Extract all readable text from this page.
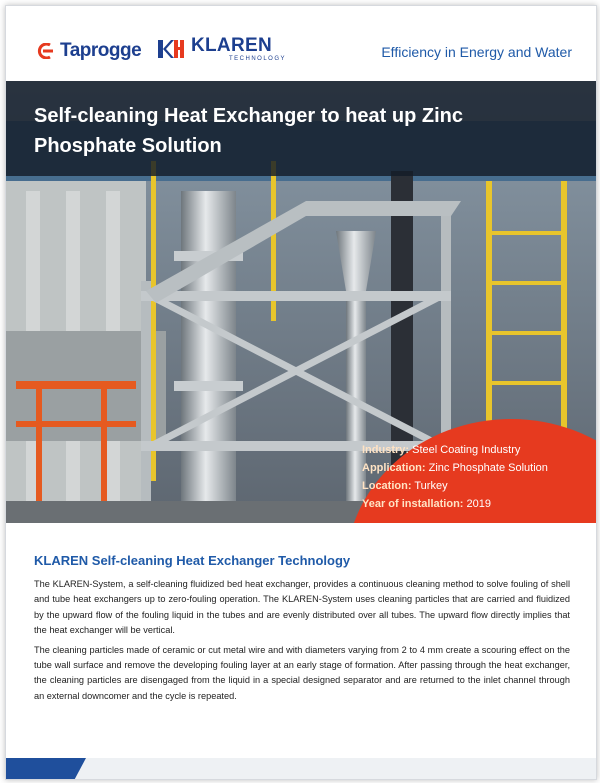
Taprogge	KLAREN
TECHNOLOGY	Efficiency in Energy and Water
Self-cleaning Heat Exchanger to heat up Zinc Phosphate Solution
Industry: Steel Coating Industry
Application: Zinc Phosphate Solution
Location: Turkey
Year of installation: 2019
KLAREN Self-cleaning Heat Exchanger Technology

The KLAREN-System, a self-cleaning fluidized bed heat exchanger, provides a continuous cleaning method to solve fouling of shell and tube heat exchangers up to zero-fouling operation. The KLAREN-System uses cleaning particles that are carried and fluidized by the upward flow of the fouling liquid in the tubes and are evenly distributed over all tubes. The upward flow directly implies that the heat exchanger will be vertical.

The cleaning particles made of ceramic or cut metal wire and with diameters varying from 2 to 4 mm create a scouring effect on the tube wall surface and remove the developing fouling layer at an early stage of formation. After passing through the heat exchanger, the cleaning particles are disengaged from the liquid in a special designed separator and are returned to the inlet channel through an external downcomer and the cycle is repeated.
